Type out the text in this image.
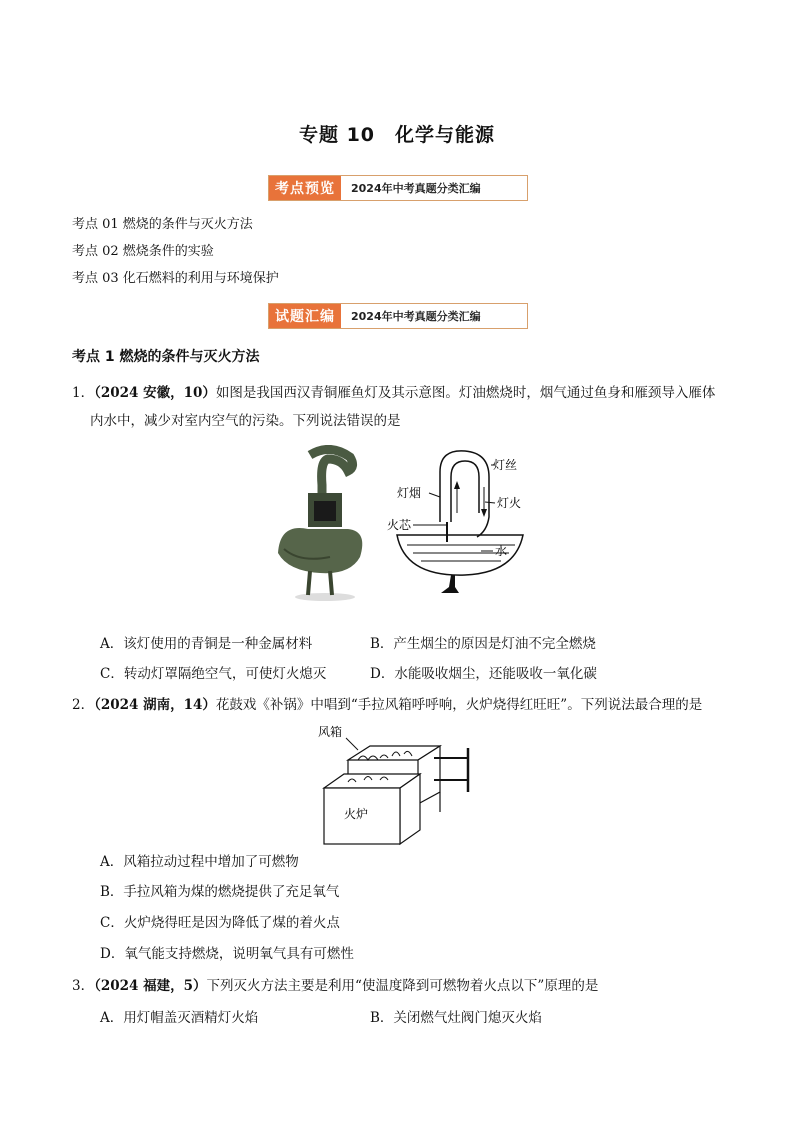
专题 10　化学与能源
考点预览	2024年中考真题分类汇编
考点 01 燃烧的条件与灭火方法
考点 02 燃烧条件的实验
考点 03 化石燃料的利用与环境保护
试题汇编	2024年中考真题分类汇编
考点 1 燃烧的条件与灭火方法
1．（2024 安徽，10）如图是我国西汉青铜雁鱼灯及其示意图。灯油燃烧时，烟气通过鱼身和雁颈导入雁体
内水中，减少对室内空气的污染。下列说法错误的是
灯丝
灯烟
灯火
火芯
水
A．该灯使用的青铜是一种金属材料	B．产生烟尘的原因是灯油不完全燃烧
C．转动灯罩隔绝空气，可使灯火熄灭	D．水能吸收烟尘，还能吸收一氧化碳
2．（2024 湖南，14）花鼓戏《补锅》中唱到“手拉风箱呼呼响，火炉烧得红旺旺”。下列说法最合理的是
风箱
火炉
A．风箱拉动过程中增加了可燃物
B．手拉风箱为煤的燃烧提供了充足氧气
C．火炉烧得旺是因为降低了煤的着火点
D．氧气能支持燃烧，说明氧气具有可燃性
3．（2024 福建，5）下列灭火方法主要是利用“使温度降到可燃物着火点以下”原理的是
A．用灯帽盖灭酒精灯火焰	B．关闭燃气灶阀门熄灭火焰
